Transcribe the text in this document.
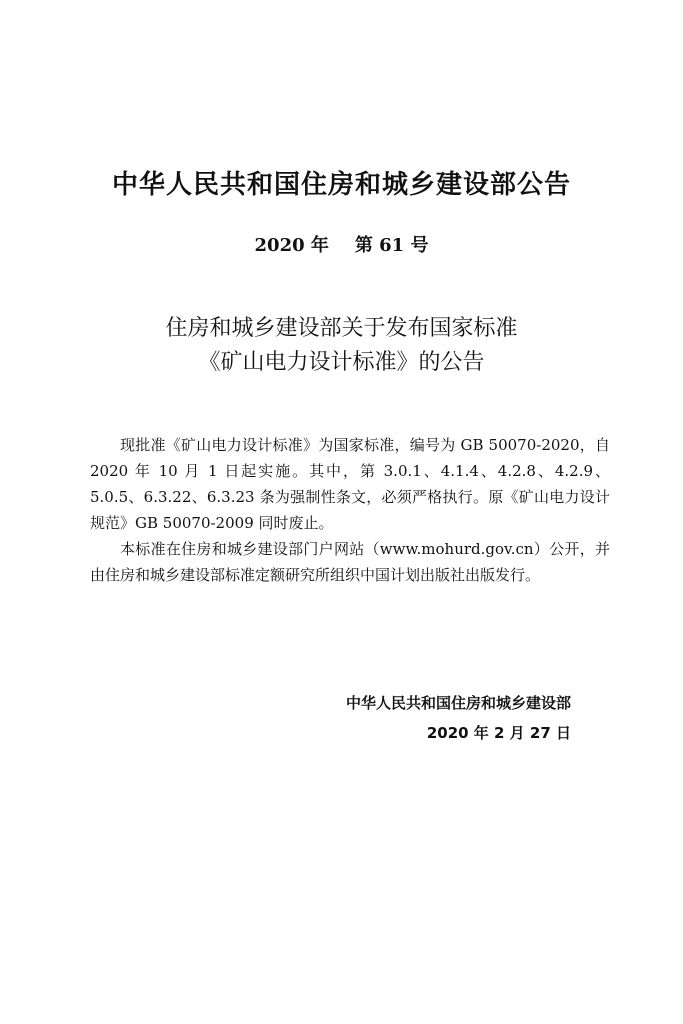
中华人民共和国住房和城乡建设部公告
2020 年 第 61 号
住房和城乡建设部关于发布国家标准
《矿山电力设计标准》的公告

现批准《矿山电力设计标准》为国家标准，编号为 GB 50070-2020，自 2020 年 10 月 1 日起实施。其中，第 3.0.1、4.1.4、4.2.8、4.2.9、5.0.5、6.3.22、6.3.23 条为强制性条文，必须严格执行。原《矿山电力设计规范》GB 50070-2009 同时废止。

本标准在住房和城乡建设部门户网站（www.mohurd.gov.cn）公开，并由住房和城乡建设部标准定额研究所组织中国计划出版社出版发行。

中华人民共和国住房和城乡建设部
2020 年 2 月 27 日
